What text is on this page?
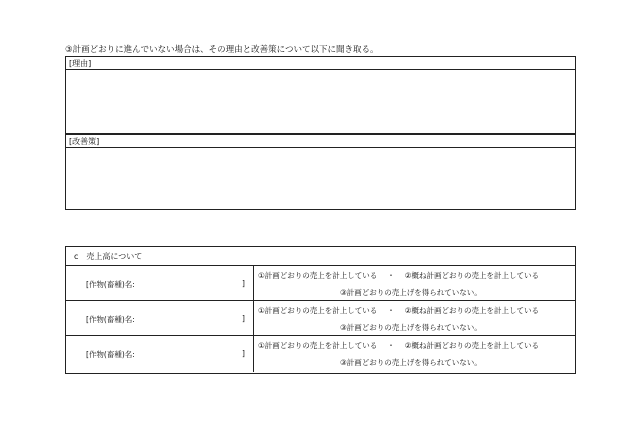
③計画どおりに進んでいない場合は、その理由と改善策について以下に聞き取る。
[理由]
[改善策]
c　売上高について
[作物(畜種)名:	]
①計画どおりの売上を計上している ・ ②概ね計画どおりの売上を計上している
③計画どおりの売上げを得られていない。
[作物(畜種)名:	]
①計画どおりの売上を計上している ・ ②概ね計画どおりの売上を計上している
③計画どおりの売上げを得られていない。
[作物(畜種)名:	]
①計画どおりの売上を計上している ・ ②概ね計画どおりの売上を計上している
③計画どおりの売上げを得られていない。
